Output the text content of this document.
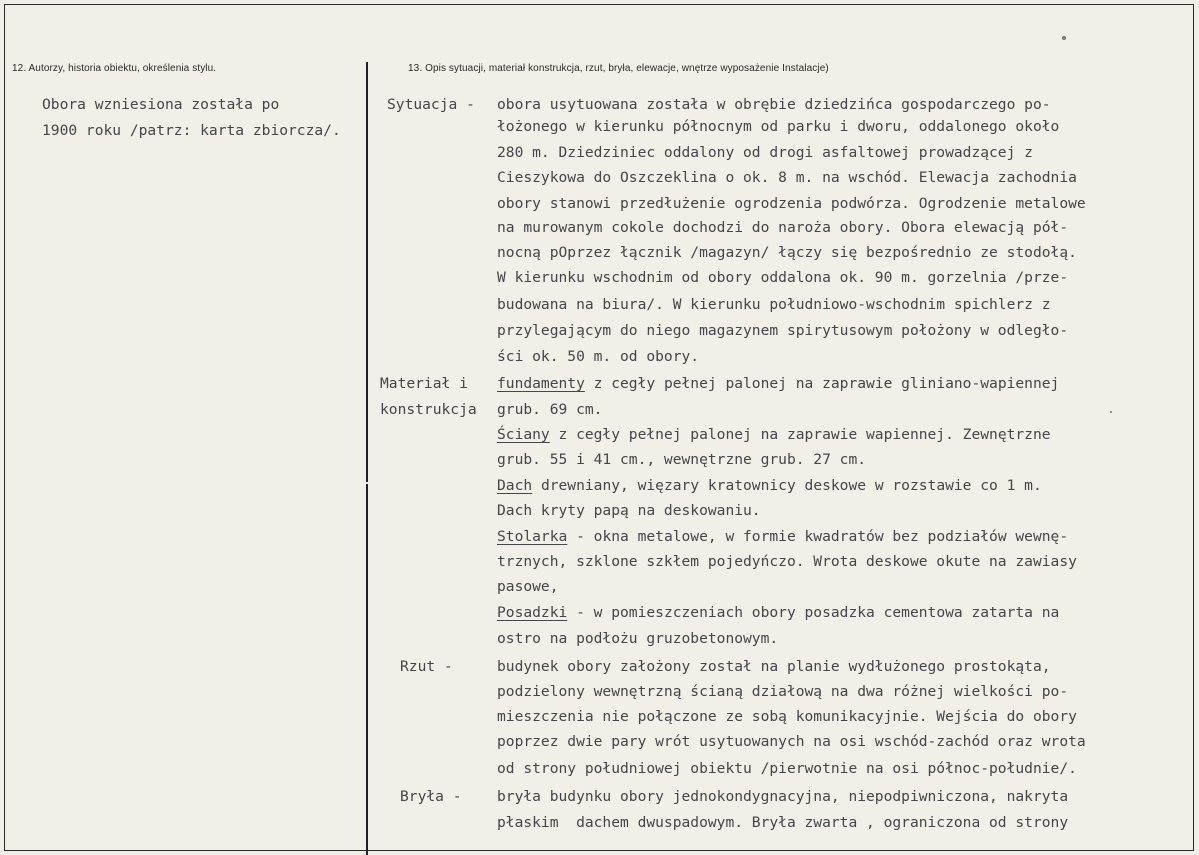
12. Autorzy, historia obiektu, określenia stylu.	13. Opis sytuacji, materiał konstrukcja, rzut, bryła, elewacje, wnętrze wyposażenie Instalacje)
Obora wzniesiona została po
1900 roku /patrz: karta zbiorcza/.
Sytuacja -
Materiał i
konstrukcja
Rzut -
Bryła -
obora usytuowana została w obrębie dziedzińca gospodarczego po-
łożonego w kierunku północnym od parku i dworu, oddalonego około
280 m. Dziedziniec oddalony od drogi asfaltowej prowadzącej z
Cieszykowa do Oszczeklina o ok. 8 m. na wschód. Elewacja zachodnia
obory stanowi przedłużenie ogrodzenia podwórza. Ogrodzenie metalowe
na murowanym cokole dochodzi do naroża obory. Obora elewacją pół-
nocną pOprzez łącznik /magazyn/ łączy się bezpośrednio ze stodołą.
W kierunku wschodnim od obory oddalona ok. 90 m. gorzelnia /prze-
budowana na biura/. W kierunku południowo-wschodnim spichlerz z
przylegającym do niego magazynem spirytusowym położony w odległo-
ści ok. 50 m. od obory.
fundamenty z cegły pełnej palonej na zaprawie gliniano-wapiennej
grub. 69 cm.
Ściany z cegły pełnej palonej na zaprawie wapiennej. Zewnętrzne
grub. 55 i 41 cm., wewnętrzne grub. 27 cm.
Dach drewniany, więzary kratownicy deskowe w rozstawie co 1 m.
Dach kryty papą na deskowaniu.
Stolarka - okna metalowe, w formie kwadratów bez podziałów wewnę-
trznych, szklone szkłem pojedyńczo. Wrota deskowe okute na zawiasy
pasowe,
Posadzki - w pomieszczeniach obory posadzka cementowa zatarta na
ostro na podłożu gruzobetonowym.
budynek obory założony został na planie wydłużonego prostokąta,
podzielony wewnętrzną ścianą działową na dwa różnej wielkości po-
mieszczenia nie połączone ze sobą komunikacyjnie. Wejścia do obory
poprzez dwie pary wrót usytuowanych na osi wschód-zachód oraz wrota
od strony południowej obiektu /pierwotnie na osi północ-południe/.
bryła budynku obory jednokondygnacyjna, niepodpiwniczona, nakryta
płaskim  dachem dwuspadowym. Bryła zwarta , ograniczona od strony
